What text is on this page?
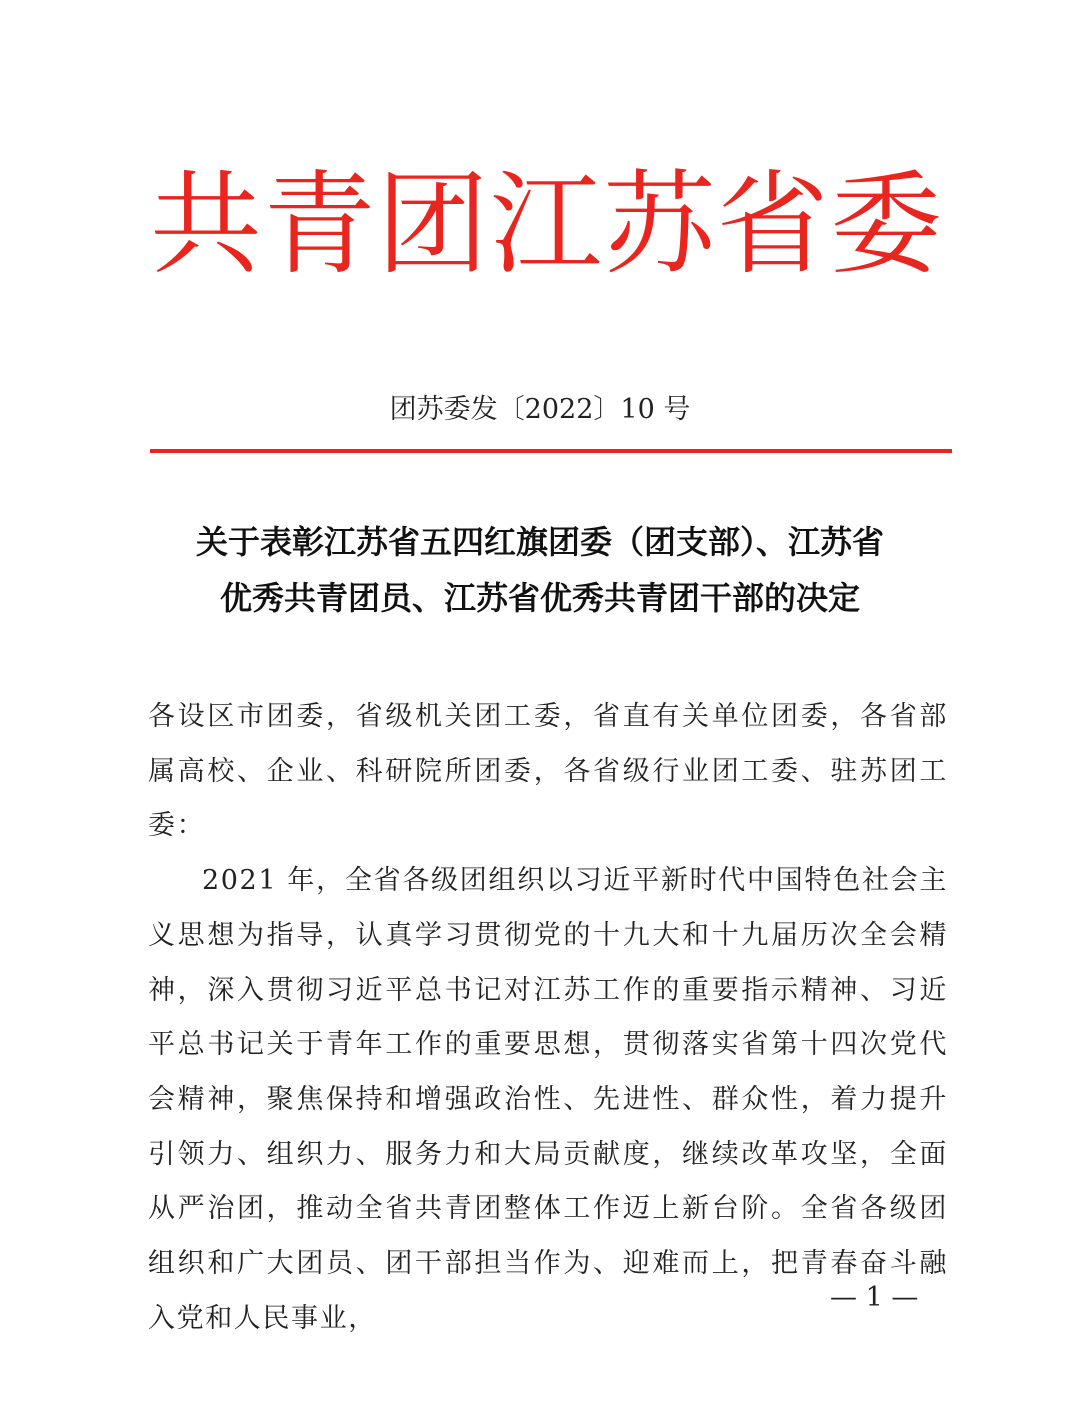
共 青 团 江 苏 省 委
团苏委发〔2022〕10 号
关于表彰江苏省五四红旗团委（团支部）、江苏省
优秀共青团员、江苏省优秀共青团干部的决定

各设区市团委，省级机关团工委，省直有关单位团委，各省部属高校、企业、科研院所团委，各省级行业团工委、驻苏团工委：

2021 年，全省各级团组织以习近平新时代中国特色社会主义思想为指导，认真学习贯彻党的十九大和十九届历次全会精神，深入贯彻习近平总书记对江苏工作的重要指示精神、习近平总书记关于青年工作的重要思想，贯彻落实省第十四次党代会精神，聚焦保持和增强政治性、先进性、群众性，着力提升引领力、组织力、服务力和大局贡献度，继续改革攻坚，全面从严治团，推动全省共青团整体工作迈上新台阶。全省各级团组织和广大团员、团干部担当作为、迎难而上，把青春奋斗融入党和人民事业，

— 1 —
